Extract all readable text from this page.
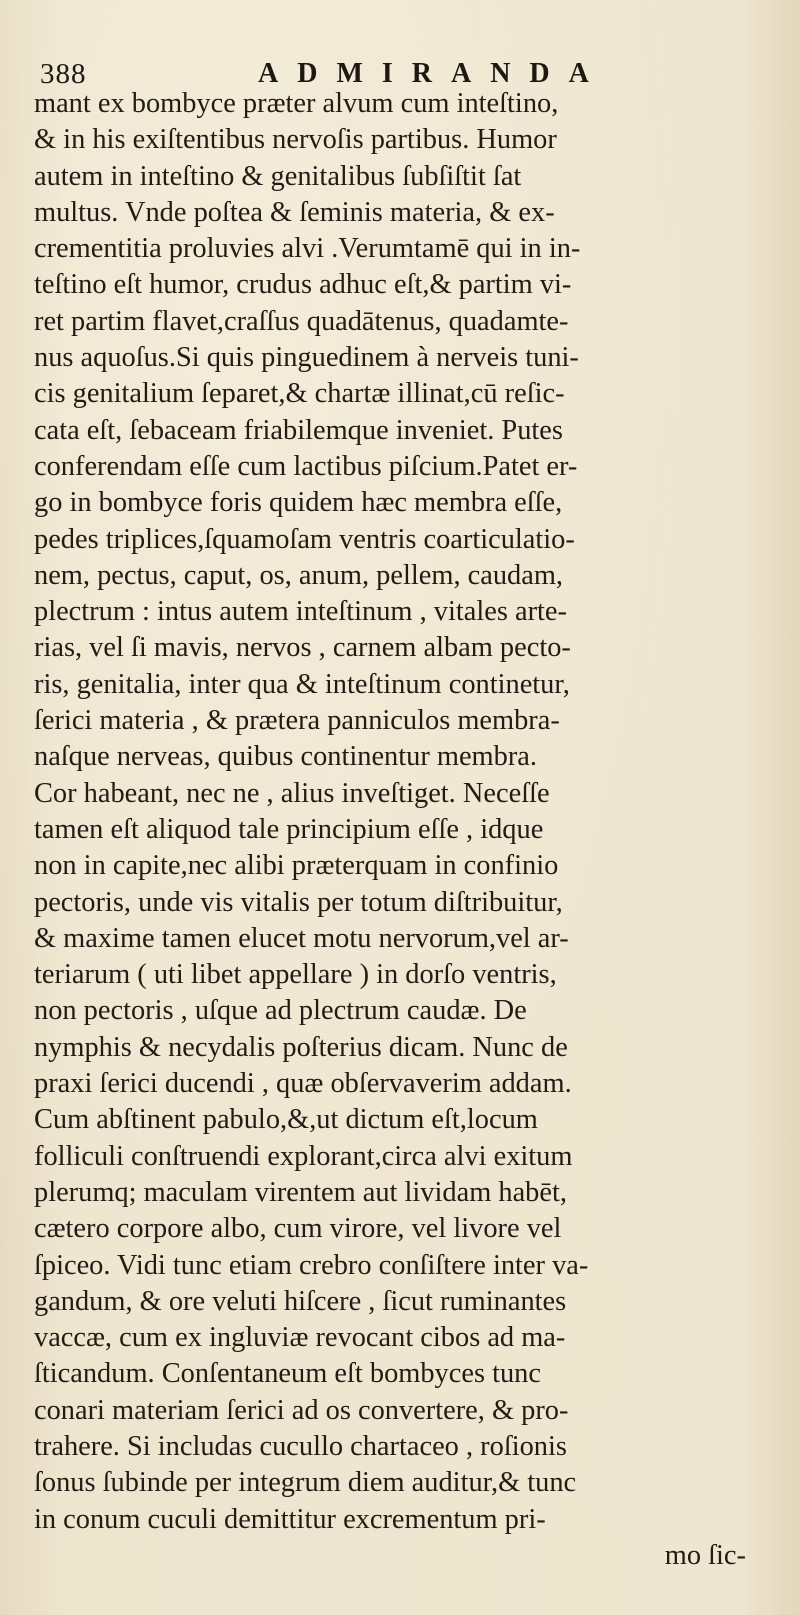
388	ADMIRANDA
mant ex bombyce præter alvum cum inteſtino,
& in his exiſtentibus nervoſis partibus. Humor
autem in inteſtino & genitalibus ſubſiſtit ſat
multus. Vnde poſtea & ſeminis materia, & ex-
crementitia proluvies alvi .Verumtamē qui in in-
teſtino eſt humor, crudus adhuc eſt,& partim vi-
ret partim flavet,craſſus quadātenus, quadamte-
nus aquoſus.Si quis pinguedinem à nerveis tuni-
cis genitalium ſeparet,& chartæ illinat,cū reſic-
cata eſt, ſebaceam friabilemque inveniet. Putes
conferendam eſſe cum lactibus piſcium.Patet er-
go in bombyce foris quidem hæc membra eſſe,
pedes triplices,ſquamoſam ventris coarticulatio-
nem, pectus, caput, os, anum, pellem, caudam,
plectrum : intus autem inteſtinum , vitales arte-
rias, vel ſi mavis, nervos , carnem albam pecto-
ris, genitalia, inter qua & inteſtinum continetur,
ſerici materia , & prætera panniculos membra-
naſque nerveas, quibus continentur membra.
Cor habeant, nec ne , alius inveſtiget. Neceſſe
tamen eſt aliquod tale principium eſſe , idque
non in capite,nec alibi præterquam in confinio
pectoris, unde vis vitalis per totum diſtribuitur,
& maxime tamen elucet motu nervorum,vel ar-
teriarum ( uti libet appellare ) in dorſo ventris,
non pectoris , uſque ad plectrum caudæ. De
nymphis & necydalis poſterius dicam. Nunc de
praxi ſerici ducendi , quæ obſervaverim addam.
Cum abſtinent pabulo,&,ut dictum eſt,locum
folliculi conſtruendi explorant,circa alvi exitum
plerumq; maculam virentem aut lividam habēt,
cætero corpore albo, cum virore, vel livore vel
ſpiceo. Vidi tunc etiam crebro conſiſtere inter va-
gandum, & ore veluti hiſcere , ſicut ruminantes
vaccæ, cum ex ingluviæ revocant cibos ad ma-
ſticandum. Conſentaneum eſt bombyces tunc
conari materiam ſerici ad os convertere, & pro-
trahere. Si includas cucullo chartaceo , roſionis
ſonus ſubinde per integrum diem auditur,& tunc
in conum cuculi demittitur excrementum pri-
mo ſic-
